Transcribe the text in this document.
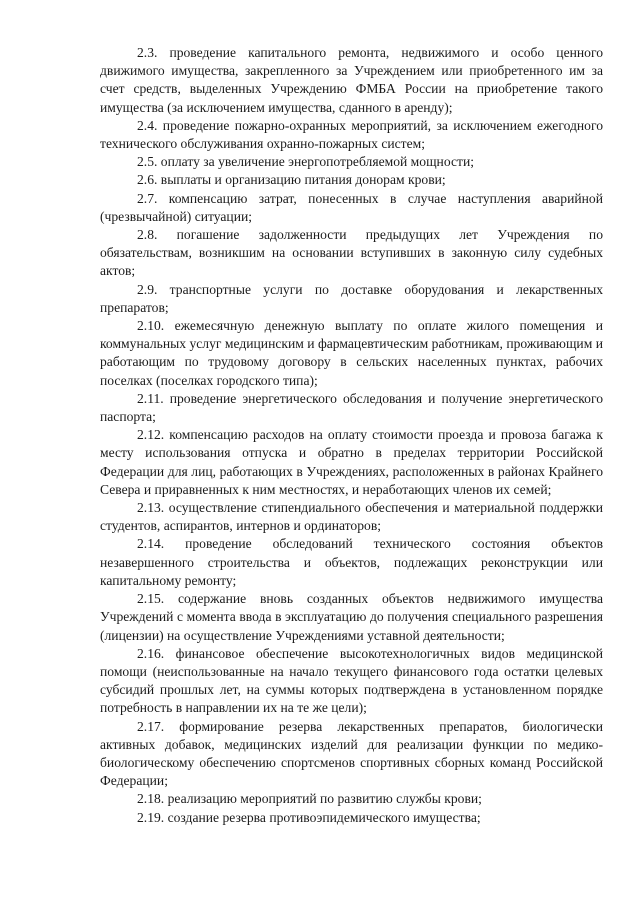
2.3. проведение капитального ремонта, недвижимого и особо ценного движимого имущества, закрепленного за Учреждением или приобретенного им за счет средств, выделенных Учреждению ФМБА России на приобретение такого имущества (за исключением имущества, сданного в аренду);

2.4. проведение пожарно-охранных мероприятий, за исключением ежегодного технического обслуживания охранно-пожарных систем;

2.5. оплату за увеличение энергопотребляемой мощности;

2.6. выплаты и организацию питания донорам крови;

2.7. компенсацию затрат, понесенных в случае наступления аварийной (чрезвычайной) ситуации;

2.8. погашение задолженности предыдущих лет Учреждения по обязательствам, возникшим на основании вступивших в законную силу судебных актов;

2.9. транспортные услуги по доставке оборудования и лекарственных препаратов;

2.10. ежемесячную денежную выплату по оплате жилого помещения и коммунальных услуг медицинским и фармацевтическим работникам, проживающим и работающим по трудовому договору в сельских населенных пунктах, рабочих поселках (поселках городского типа);

2.11. проведение энергетического обследования и получение энергетического паспорта;

2.12. компенсацию расходов на оплату стоимости проезда и провоза багажа к месту использования отпуска и обратно в пределах территории Российской Федерации для лиц, работающих в Учреждениях, расположенных в районах Крайнего Севера и приравненных к ним местностях, и неработающих членов их семей;

2.13. осуществление стипендиального обеспечения и материальной поддержки студентов, аспирантов, интернов и ординаторов;

2.14. проведение обследований технического состояния объектов незавершенного строительства и объектов, подлежащих реконструкции или капитальному ремонту;

2.15. содержание вновь созданных объектов недвижимого имущества Учреждений с момента ввода в эксплуатацию до получения специального разрешения (лицензии) на осуществление Учреждениями уставной деятельности;

2.16. финансовое обеспечение высокотехнологичных видов медицинской помощи (неиспользованные на начало текущего финансового года остатки целевых субсидий прошлых лет, на суммы которых подтверждена в установленном порядке потребность в направлении их на те же цели);

2.17. формирование резерва лекарственных препаратов, биологически активных добавок, медицинских изделий для реализации функции по медико-биологическому обеспечению спортсменов спортивных сборных команд Российской Федерации;

2.18. реализацию мероприятий по развитию службы крови;

2.19. создание резерва противоэпидемического имущества;
